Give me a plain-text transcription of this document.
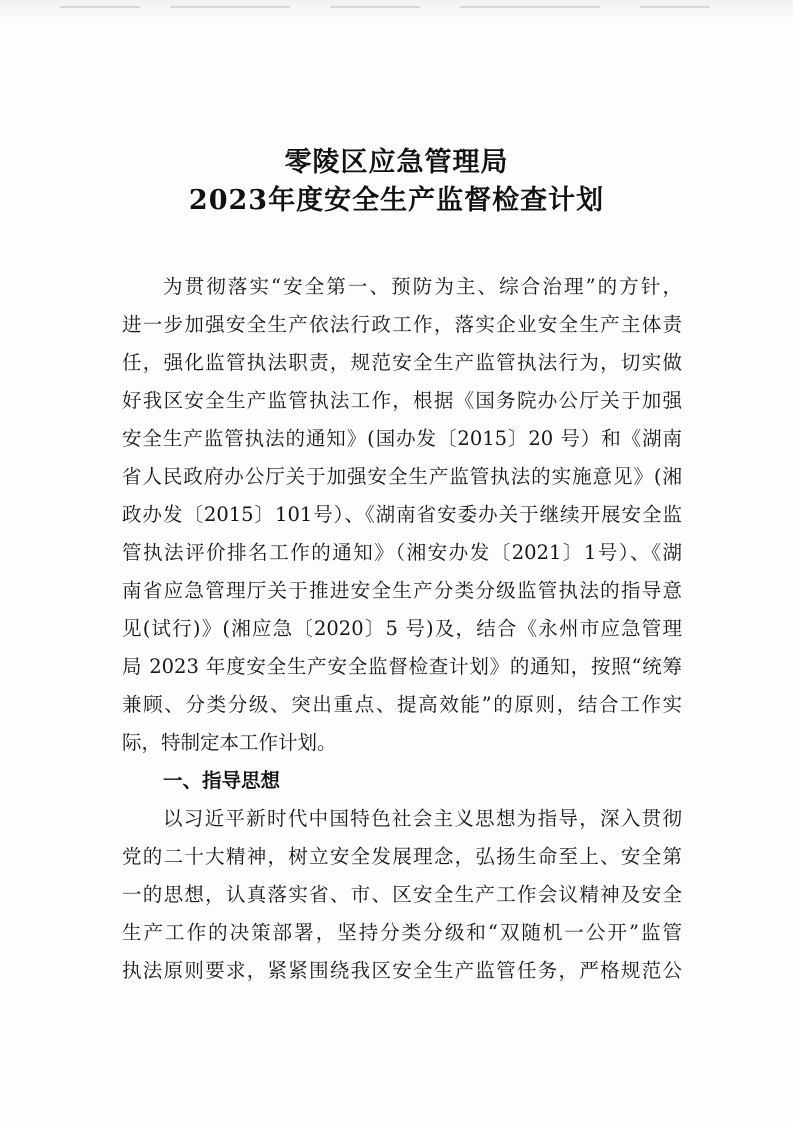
零陵区应急管理局
2023年度安全生产监督检查计划
为贯彻落实“安全第一、预防为主、综合治理”的方针，
进一步加强安全生产依法行政工作，落实企业安全生产主体责
任，强化监管执法职责，规范安全生产监管执法行为，切实做
好我区安全生产监管执法工作，根据《国务院办公厅关于加强
安全生产监管执法的通知》(国办发〔2015〕20 号）和《湖南
省人民政府办公厅关于加强安全生产监管执法的实施意见》(湘
政办发〔2015〕101号）、《湖南省安委办关于继续开展安全监
管执法评价排名工作的通知》（湘安办发〔2021〕1号）、《湖
南省应急管理厅关于推进安全生产分类分级监管执法的指导意
见(试行)》(湘应急〔2020〕5 号)及，结合《永州市应急管理
局 2023 年度安全生产安全监督检查计划》的通知，按照“统筹
兼顾、分类分级、突出重点、提高效能”的原则，结合工作实
际，特制定本工作计划。
一、指导思想
以习近平新时代中国特色社会主义思想为指导，深入贯彻
党的二十大精神，树立安全发展理念，弘扬生命至上、安全第
一的思想，认真落实省、市、区安全生产工作会议精神及安全
生产工作的决策部署，坚持分类分级和“双随机一公开”监管
执法原则要求，紧紧围绕我区安全生产监管任务，严格规范公
